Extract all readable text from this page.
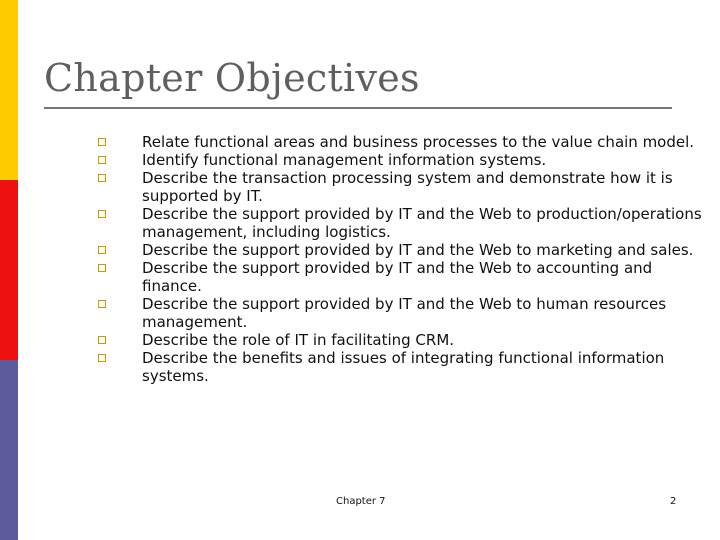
Chapter Objectives
Relate functional areas and business processes to the value chain model.
Identify functional management information systems.
Describe the transaction processing system and demonstrate how it is supported by IT.
Describe the support provided by IT and the Web to production/operations management, including logistics.
Describe the support provided by IT and the Web to marketing and sales.
Describe the support provided by IT and the Web to accounting and finance.
Describe the support provided by IT and the Web to human resources management.
Describe the role of IT in facilitating CRM.
Describe the benefits and issues of integrating functional information systems.
Chapter 7	2
